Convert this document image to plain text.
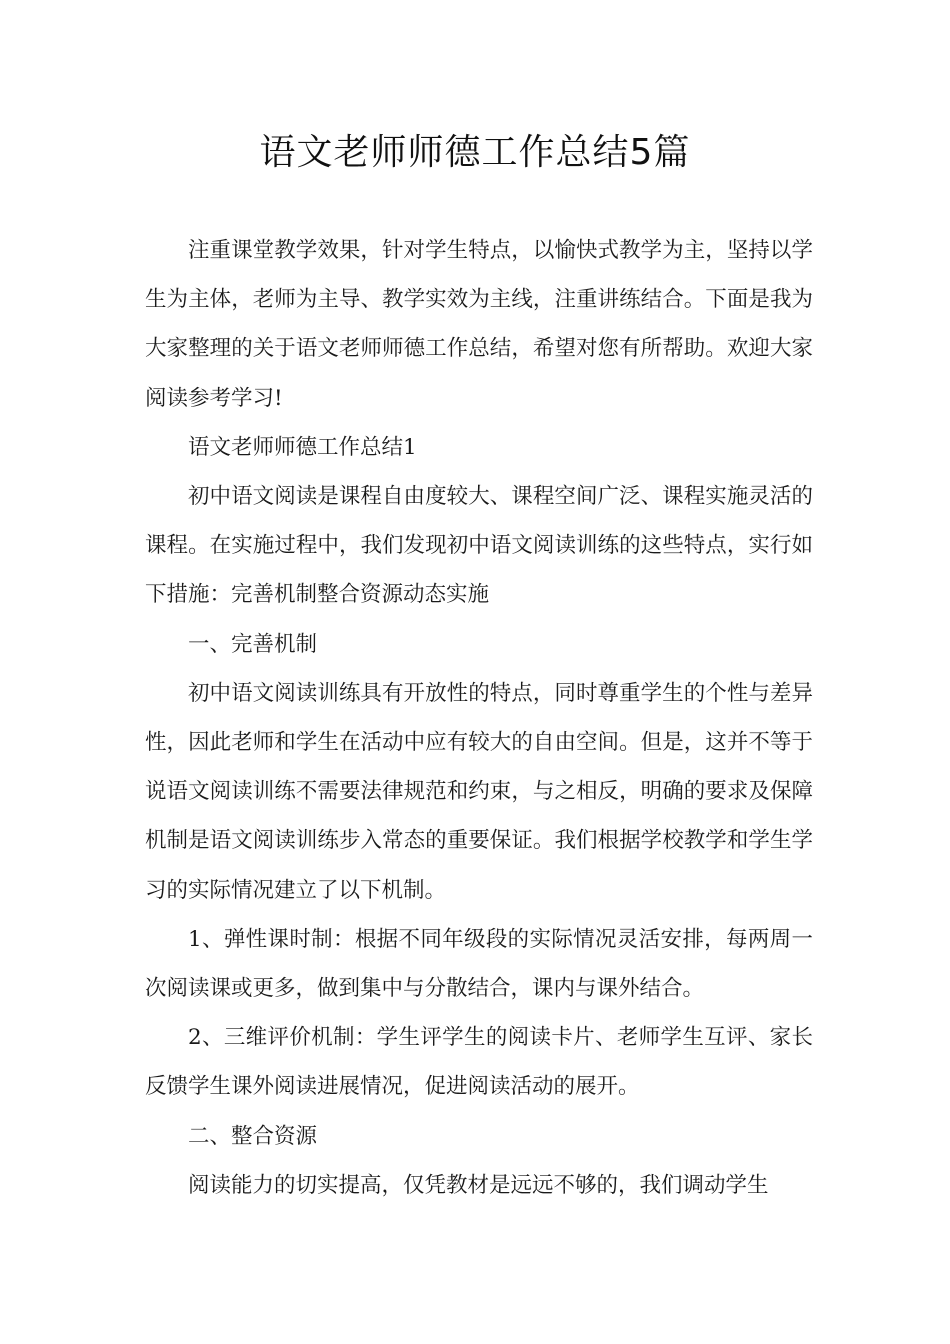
语文老师师德工作总结5篇

注重课堂教学效果，针对学生特点，以愉快式教学为主，坚持以学生为主体，老师为主导、教学实效为主线，注重讲练结合。下面是我为大家整理的关于语文老师师德工作总结，希望对您有所帮助。欢迎大家阅读参考学习!

语文老师师德工作总结1

初中语文阅读是课程自由度较大、课程空间广泛、课程实施灵活的课程。在实施过程中，我们发现初中语文阅读训练的这些特点，实行如下措施：完善机制整合资源动态实施

一、完善机制

初中语文阅读训练具有开放性的特点，同时尊重学生的个性与差异性，因此老师和学生在活动中应有较大的自由空间。但是，这并不等于说语文阅读训练不需要法律规范和约束，与之相反，明确的要求及保障机制是语文阅读训练步入常态的重要保证。我们根据学校教学和学生学习的实际情况建立了以下机制。

1、弹性课时制：根据不同年级段的实际情况灵活安排，每两周一次阅读课或更多，做到集中与分散结合，课内与课外结合。

2、三维评价机制：学生评学生的阅读卡片、老师学生互评、家长反馈学生课外阅读进展情况，促进阅读活动的展开。

二、整合资源

阅读能力的切实提高，仅凭教材是远远不够的，我们调动学生
